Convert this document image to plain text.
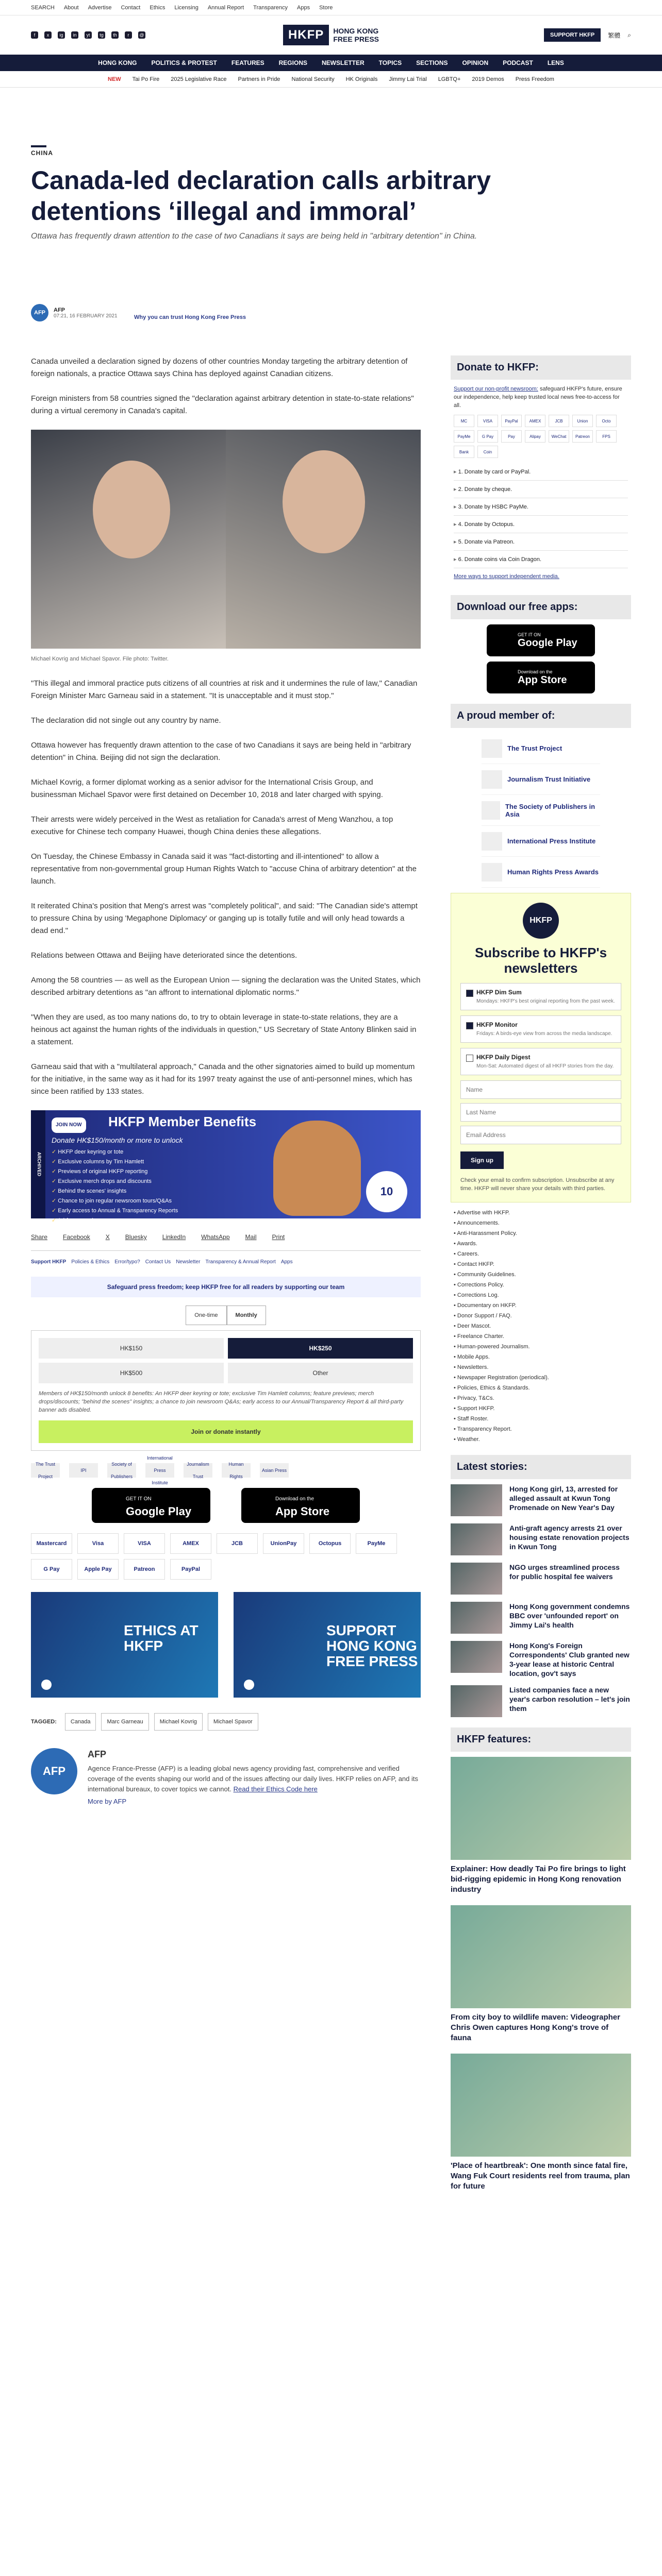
SEARCH About Advertise Contact Ethics Licensing Annual Report Transparency Apps Store
f	x	ig	in	yt	tg	th	r	@	HKFP	HONG KONG
FREE PRESS	SUPPORT HKFP	繁體 ⌕
HONG KONG POLITICS & PROTEST FEATURES REGIONS NEWSLETTER TOPICS SECTIONS OPINION PODCAST LENS
NEW Tai Po Fire 2025 Legislative Race Partners in Pride National Security HK Originals Jimmy Lai Trial LGBTQ+ 2019 Demos Press Freedom
CHINA
Canada-led declaration calls arbitrary detentions ‘illegal and immoral’

Ottawa has frequently drawn attention to the case of two Canadians it says are being held in "arbitrary detention" in China.

AFP	AFP
07:21, 16 FEBRUARY 2021	Why you can trust Hong Kong Free Press

Canada unveiled a declaration signed by dozens of other countries Monday targeting the arbitrary detention of foreign nationals, a practice Ottawa says China has deployed against Canadian citizens.

Foreign ministers from 58 countries signed the "declaration against arbitrary detention in state-to-state relations" during a virtual ceremony in Canada's capital.

Michael Kovrig and Michael Spavor. File photo: Twitter.

"This illegal and immoral practice puts citizens of all countries at risk and it undermines the rule of law," Canadian Foreign Minister Marc Garneau said in a statement. "It is unacceptable and it must stop."

The declaration did not single out any country by name.

Ottawa however has frequently drawn attention to the case of two Canadians it says are being held in "arbitrary detention" in China. Beijing did not sign the declaration.

Michael Kovrig, a former diplomat working as a senior advisor for the International Crisis Group, and businessman Michael Spavor were first detained on December 10, 2018 and later charged with spying.

Their arrests were widely perceived in the West as retaliation for Canada's arrest of Meng Wanzhou, a top executive for Chinese tech company Huawei, though China denies these allegations.

On Tuesday, the Chinese Embassy in Canada said it was "fact-distorting and ill-intentioned" to allow a representative from non-governmental group Human Rights Watch to "accuse China of arbitrary detention" at the launch.

It reiterated China's position that Meng's arrest was "completely political", and said: "The Canadian side's attempt to pressure China by using 'Megaphone Diplomacy' or ganging up is totally futile and will only head towards a dead end."

Relations between Ottawa and Beijing have deteriorated since the detentions.

Among the 58 countries — as well as the European Union — signing the declaration was the United States, which described arbitrary detentions as "an affront to international diplomatic norms."

"When they are used, as too many nations do, to try to obtain leverage in state-to-state relations, they are a heinous act against the human rights of the individuals in question," US Secretary of State Antony Blinken said in a statement.

Garneau said that with a "multilateral approach," Canada and the other signatories aimed to build up momentum for the initiative, in the same way as it had for its 1997 treaty against the use of anti-personnel mines, which has since been ratified by 133 states.

ARCHIVED
JOIN NOW	HKFP Member Benefits
Donate HK$150/month or more to unlock
✓ HKFP deer keyring or tote
✓ Exclusive columns by Tim Hamlett
✓ Previews of original HKFP reporting
✓ Exclusive merch drops and discounts
✓ Behind the scenes' insights
✓ Chance to join regular newsroom tours/Q&As
✓ Early access to Annual & Transparency Reports
✓ Ad-free experience
10
Share	Facebook	X	Bluesky	LinkedIn	WhatsApp	Mail	Print
Support HKFP Policies & Ethics Error/typo? Contact Us Newsletter Transparency & Annual Report Apps
Safeguard press freedom; keep HKFP free for all readers by supporting our team
One-time	Monthly
HK$150	HK$250
HK$500	Other

Members of HK$150/month unlock 8 benefits: An HKFP deer keyring or tote; exclusive Tim Hamlett columns; feature previews; merch drops/discounts; "behind the scenes" insights; a chance to join newsroom Q&As; early access to our Annual/Transparency Report & all third-party banner ads disabled.

Join or donate instantly
The Trust Project
IPI
Society of Publishers
International Press Institute
Journalism Trust
Human Rights
Asian Press
GET IT ON
Google Play
Download on the
App Store
Mastercard	Visa	VISA	AMEX	JCB	UnionPay	Octopus	PayMe
G Pay	Apple Pay	Patreon	PayPal
ETHICS AT HKFP
SUPPORT HONG KONG FREE PRESS
TAGGED:	Canada	Marc Garneau	Michael Kovrig	Michael Spavor
AFP
AFP

Agence France-Presse (AFP) is a leading global news agency providing fast, comprehensive and verified coverage of the events shaping our world and of the issues affecting our daily lives. HKFP relies on AFP, and its international bureaux, to cover topics we cannot. Read their Ethics Code here

More by AFP

Donate to HKFP:

Support our non-profit newsroom: safeguard HKFP's future, ensure our independence, help keep trusted local news free-to-access for all.

MC	VISA	PayPal	AMEX	JCB	Union	Octo
PayMe	G Pay	Pay	Alipay	WeChat	Patreon	FPS
Bank	Coin
▸ 1. Donate by card or PayPal.
▸ 2. Donate by cheque.
▸ 3. Donate by HSBC PayMe.
▸ 4. Donate by Octopus.
▸ 5. Donate via Patreon.
▸ 6. Donate coins via Coin Dragon.
More ways to support independent media.
Download our free apps:
GET IT ON
Google Play
Download on the
App Store
A proud member of:
The Trust Project
Journalism Trust Initiative
The Society of Publishers in Asia
International Press Institute
Human Rights Press Awards
HKFP
Subscribe to HKFP's newsletters
HKFP Dim Sum
Mondays: HKFP's best original reporting from the past week.
HKFP Monitor
Fridays: A birds-eye view from across the media landscape.
HKFP Daily Digest
Mon-Sat: Automated digest of all HKFP stories from the day.
Name Last Name Email Address Sign up

Check your email to confirm subscription. Unsubscribe at any time. HKFP will never share your details with third parties.

• Advertise with HKFP.
• Announcements.
• Anti-Harassment Policy.
• Awards.
• Careers.
• Contact HKFP.
• Community Guidelines.
• Corrections Policy.
• Corrections Log.
• Documentary on HKFP.
• Donor Support / FAQ.
• Deer Mascot.
• Freelance Charter.
• Human-powered Journalism.
• Mobile Apps.
• Newsletters.
• Newspaper Registration (periodical).
• Policies, Ethics & Standards.
• Privacy, T&Cs.
• Support HKFP.
• Staff Roster.
• Transparency Report.
• Weather.
Latest stories:
Hong Kong girl, 13, arrested for alleged assault at Kwun Tong Promenade on New Year's Day
Anti-graft agency arrests 21 over housing estate renovation projects in Kwun Tong
NGO urges streamlined process for public hospital fee waivers
Hong Kong government condemns BBC over 'unfounded report' on Jimmy Lai's health
Hong Kong's Foreign Correspondents' Club granted new 3-year lease at historic Central location, gov't says
Listed companies face a new year's carbon resolution – let's join them
HKFP features:
Explainer: How deadly Tai Po fire brings to light bid-rigging epidemic in Hong Kong renovation industry
From city boy to wildlife maven: Videographer Chris Owen captures Hong Kong's trove of fauna
'Place of heartbreak': One month since fatal fire, Wang Fuk Court residents reel from trauma, plan for future
